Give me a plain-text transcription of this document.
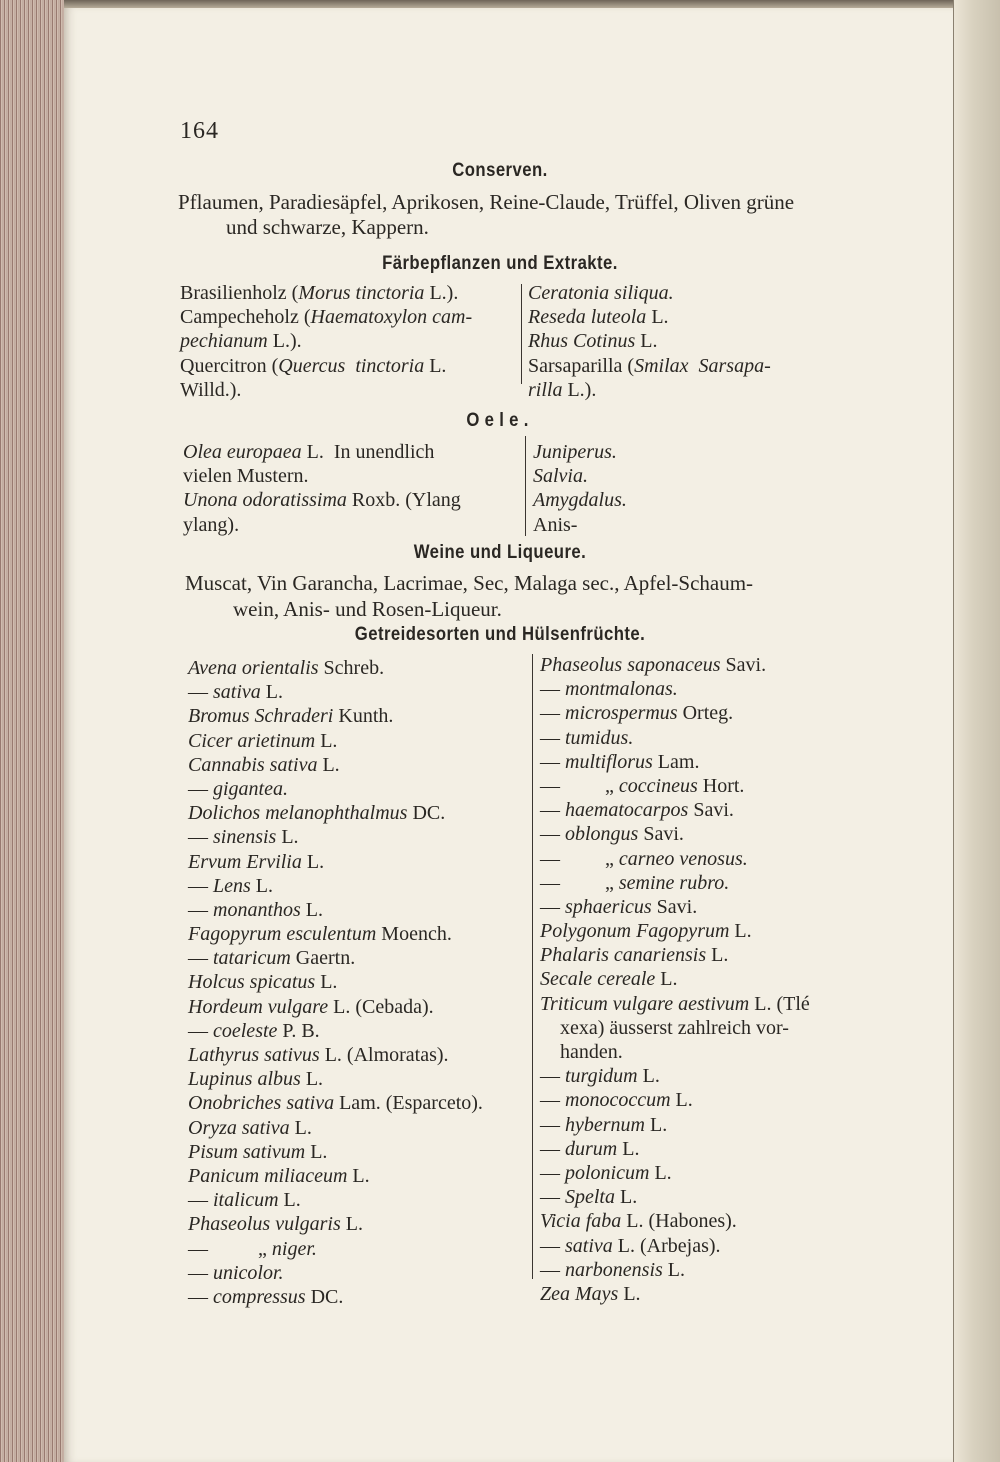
164
Conserven.
Pflaumen, Paradiesäpfel, Aprikosen, Reine-Claude, Trüffel, Oliven grüne
und schwarze, Kappern.
Färbepflanzen und Extrakte.
Brasilienholz (Morus tinctoria L.).
Campecheholz (Haematoxylon cam-
pechianum L.).
Quercitron (Quercus  tinctoria L.
Willd.).
Ceratonia siliqua.
Reseda luteola L.
Rhus Cotinus L.
Sarsaparilla (Smilax  Sarsapa-
rilla L.).
Oele.
Olea europaea L.  In unendlich
vielen Mustern.
Unona odoratissima Roxb. (Ylang
ylang).
Juniperus.
Salvia.
Amygdalus.
Anis-
Weine und Liqueure.
Muscat, Vin Garancha, Lacrimae, Sec, Malaga sec., Apfel-Schaum-
wein, Anis- und Rosen-Liqueur.
Getreidesorten und Hülsenfrüchte.
Avena orientalis Schreb.
— sativa L.
Bromus Schraderi Kunth.
Cicer arietinum L.
Cannabis sativa L.
— gigantea.
Dolichos melanophthalmus DC.
— sinensis L.
Ervum Ervilia L.
— Lens L.
— monanthos L.
Fagopyrum esculentum Moench.
— tataricum Gaertn.
Holcus spicatus L.
Hordeum vulgare L. (Cebada).
— coeleste P. B.
Lathyrus sativus L. (Almoratas).
Lupinus albus L.
Onobriches sativa Lam. (Esparceto).
Oryza sativa L.
Pisum sativum L.
Panicum miliaceum L.
— italicum L.
Phaseolus vulgaris L.
—          „ niger.
— unicolor.
— compressus DC.
Phaseolus saponaceus Savi.
— montmalonas.
— microspermus Orteg.
— tumidus.
— multiflorus Lam.
—         „ coccineus Hort.
— haematocarpos Savi.
— oblongus Savi.
—         „ carneo venosus.
—         „ semine rubro.
— sphaericus Savi.
Polygonum Fagopyrum L.
Phalaris canariensis L.
Secale cereale L.
Triticum vulgare aestivum L. (Tlé
xexa) äusserst zahlreich vor-
handen.
— turgidum L.
— monococcum L.
— hybernum L.
— durum L.
— polonicum L.
— Spelta L.
Vicia faba L. (Habones).
— sativa L. (Arbejas).
— narbonensis L.
Zea Mays L.
